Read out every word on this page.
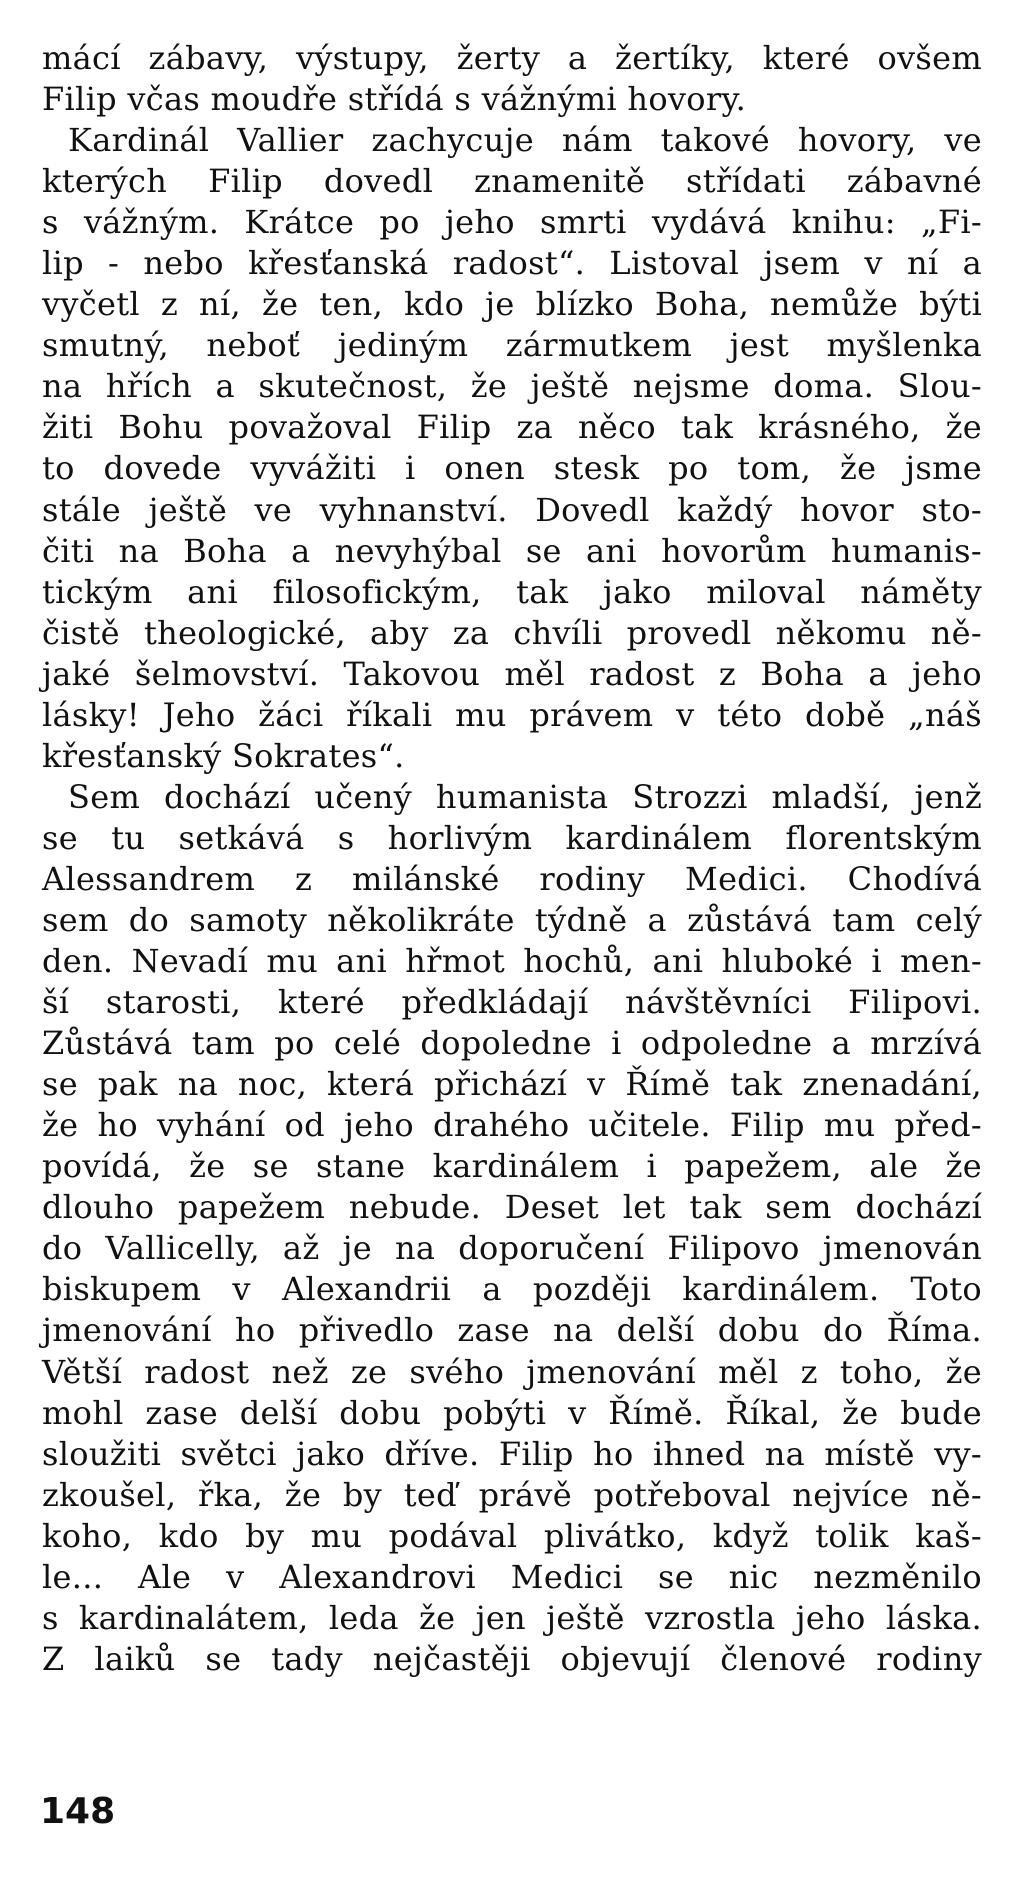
mácí zábavy, výstupy, žerty a žertíky, které ovšem
Filip včas moudře střídá s vážnými hovory.
Kardinál Vallier zachycuje nám takové hovory, ve
kterých Filip dovedl znamenitě střídati zábavné
s vážným. Krátce po jeho smrti vydává knihu: „Fi-
lip - nebo křesťanská radost“. Listoval jsem v ní a
vyčetl z ní, že ten, kdo je blízko Boha, nemůže býti
smutný, neboť jediným zármutkem jest myšlenka
na hřích a skutečnost, že ještě nejsme doma. Slou-
žiti Bohu považoval Filip za něco tak krásného, že
to dovede vyvážiti i onen stesk po tom, že jsme
stále ještě ve vyhnanství. Dovedl každý hovor sto-
čiti na Boha a nevyhýbal se ani hovorům humanis-
tickým ani filosofickým, tak jako miloval náměty
čistě theologické, aby za chvíli provedl někomu ně-
jaké šelmovství. Takovou měl radost z Boha a jeho
lásky! Jeho žáci říkali mu právem v této době „náš
křesťanský Sokrates“.
Sem dochází učený humanista Strozzi mladší, jenž
se tu setkává s horlivým kardinálem florentským
Alessandrem z milánské rodiny Medici. Chodívá
sem do samoty několikráte týdně a zůstává tam celý
den. Nevadí mu ani hřmot hochů, ani hluboké i men-
ší starosti, které předkládají návštěvníci Filipovi.
Zůstává tam po celé dopoledne i odpoledne a mrzívá
se pak na noc, která přichází v Římě tak znenadání,
že ho vyhání od jeho drahého učitele. Filip mu před-
povídá, že se stane kardinálem i papežem, ale že
dlouho papežem nebude. Deset let tak sem dochází
do Vallicelly, až je na doporučení Filipovo jmenován
biskupem v Alexandrii a později kardinálem. Toto
jmenování ho přivedlo zase na delší dobu do Říma.
Větší radost než ze svého jmenování měl z toho, že
mohl zase delší dobu pobýti v Římě. Říkal, že bude
sloužiti světci jako dříve. Filip ho ihned na místě vy-
zkoušel, řka, že by teď právě potřeboval nejvíce ně-
koho, kdo by mu podával plivátko, když tolik kaš-
le... Ale v Alexandrovi Medici se nic nezměnilo
s kardinalátem, leda že jen ještě vzrostla jeho láska.
Z laiků se tady nejčastěji objevují členové rodiny
148
